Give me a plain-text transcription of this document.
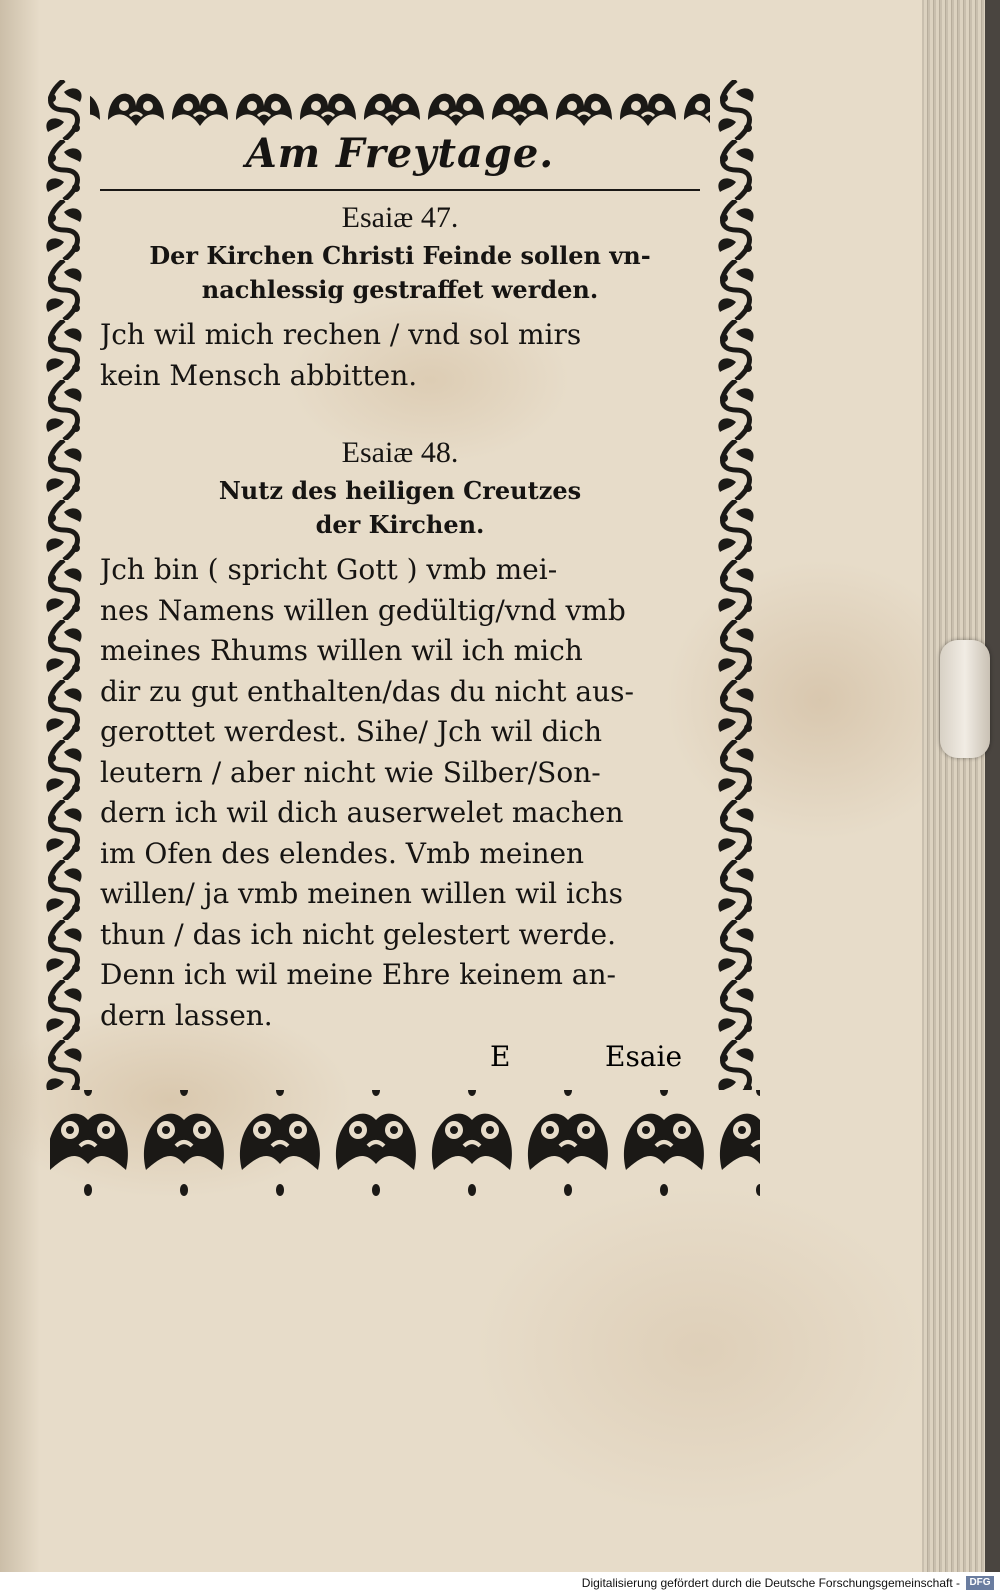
Am Freytage.
Esaiæ 47.
Der Kirchen Christi Feinde sollen vn-
nachlessig gestraffet werden.

Jch wil mich rechen / vnd sol mirs
kein Mensch abbitten.

Esaiæ 48.
Nutz des heiligen Creutzes
der Kirchen.

Jch bin ( spricht Gott ) vmb mei-
nes Namens willen gedültig/vnd vmb
meines Rhums willen wil ich mich
dir zu gut enthalten/das du nicht aus-
gerottet werdest. Sihe/ Jch wil dich
leutern / aber nicht wie Silber/Son-
dern ich wil dich auserwelet machen
im Ofen des elendes. Vmb meinen
willen/ ja vmb meinen willen wil ichs
thun / das ich nicht gelestert werde.
Denn ich wil meine Ehre keinem an-
dern lassen.

E	Esaie
Digitalisierung gefördert durch die Deutsche Forschungsgemeinschaft - DFG
